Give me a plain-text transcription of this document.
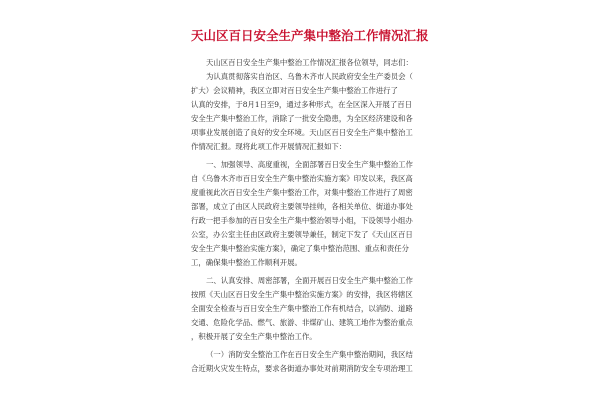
天山区百日安全生产集中整治工作情况汇报
天山区百日安全生产集中整治工作情况汇报各位领导，同志们：
为认真贯彻落实自治区、乌鲁木齐市人民政府安全生产委员会（
扩大）会议精神，我区立即对百日安全生产集中整治工作进行了
认真的安排，于8月1日至9，通过多种形式，在全区深入开展了百日
安全生产集中整治工作，消除了一批安全隐患，为全区经济建设和各
项事业发展创造了良好的安全环境。天山区百日安全生产集中整治工
作情况汇报。现将此项工作开展情况汇报如下：
一、加强领导、高度重视，全面部署百日安全生产集中整治工作
自《乌鲁木齐市百日安全生产集中整治实施方案》印发以来，我区高
度重视此次百日安全生产集中整治工作，对集中整治工作进行了周密
部署，成立了由区人民政府主要领导挂帅，各相关单位、街道办事处
行政一把手参加的百日安全生产集中整治领导小组，下设领导小组办
公室，办公室主任由区政府主要领导兼任，制定下发了《天山区百日
安全生产集中整治实施方案》，确定了集中整治范围、重点和责任分
工，确保集中整治工作顺利开展。
二、认真安排、周密部署，全面开展百日安全生产集中整治工作
按照《天山区百日安全生产集中整治实施方案》的安排，我区将辖区
全面安全检查与百日安全生产集中整治工作有机结合，以消防、道路
交通、危险化学品、燃气、旅游、非煤矿山、建筑工地作为整治重点
，积极开展了安全生产集中整治工作。
（一）消防安全整治工作在百日安全生产集中整治期间，我区结
合近期火灾发生特点，要求各街道办事处对前期消防安全专项治理工
